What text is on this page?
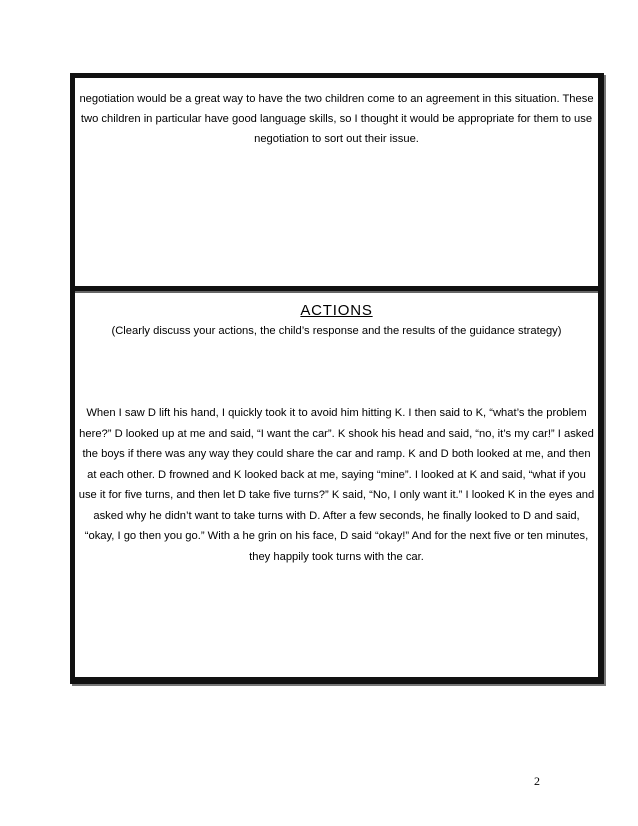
negotiation would be a great way to have the two children come to an agreement in this situation. These two children in particular have good language skills, so I thought it would be appropriate for them to use negotiation to sort out their issue.

ACTIONS

(Clearly discuss your actions, the child’s response and the results of the guidance strategy)

When I saw D lift his hand, I quickly took it to avoid him hitting K. I then said to K, “what’s the problem here?” D looked up at me and said, “I want the car”. K shook his head and said, “no, it’s my car!” I asked the boys if there was any way they could share the car and ramp. K and D both looked at me, and then at each other. D frowned and K looked back at me, saying “mine”. I looked at K and said, “what if you use it for five turns, and then let D take five turns?” K said, “No, I only want it.” I looked K in the eyes and asked why he didn’t want to take turns with D. After a few seconds, he finally looked to D and said, “okay, I go then you go.” With a he grin on his face, D said “okay!” And for the next five or ten minutes, they happily took turns with the car.

2
